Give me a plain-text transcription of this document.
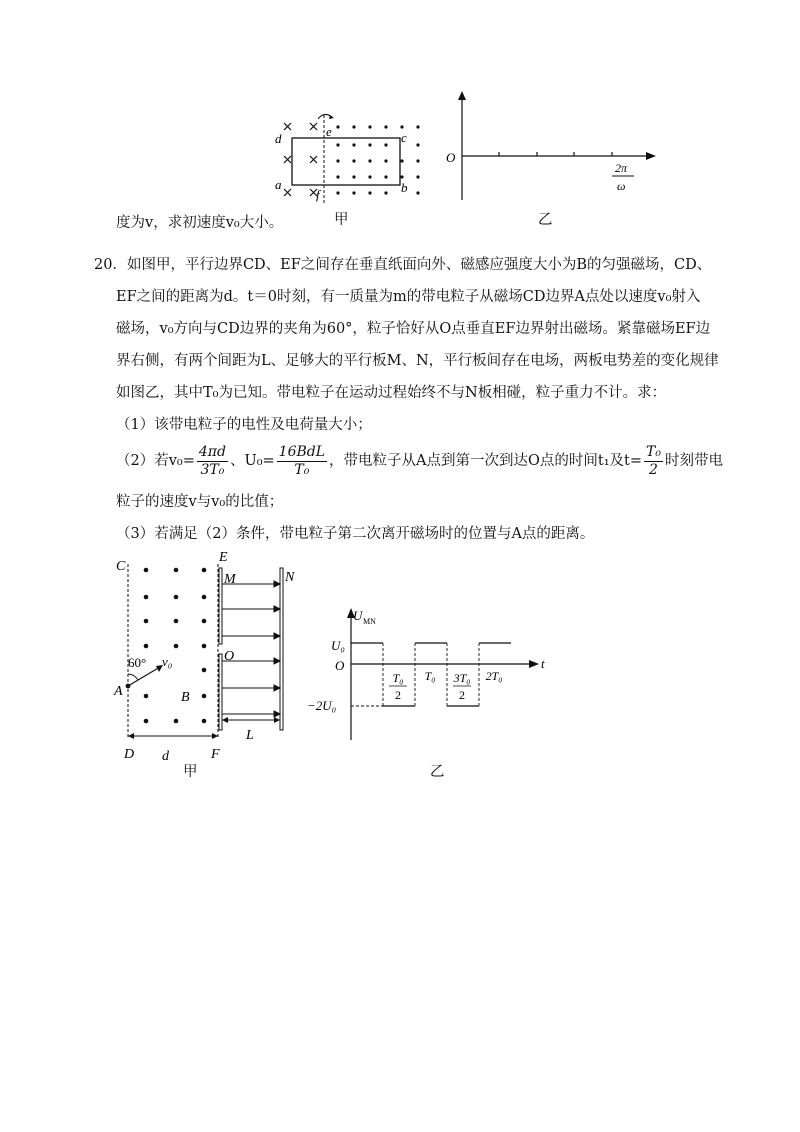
d
a
e
f
c
b
甲
O
2π
ω
乙
度为v，求初速度v₀大小。
20．如图甲，平行边界CD、EF之间存在垂直纸面向外、磁感应强度大小为B的匀强磁场，CD、
EF之间的距离为d。t＝0时刻，有一质量为m的带电粒子从磁场CD边界A点处以速度v₀射入
磁场，v₀方向与CD边界的夹角为60°，粒子恰好从O点垂直EF边界射出磁场。紧靠磁场EF边
界右侧，有两个间距为L、足够大的平行板M、N，平行板间存在电场，两板电势差的变化规律
如图乙，其中T₀为已知。带电粒子在运动过程始终不与N板相碰，粒子重力不计。求：
（1）该带电粒子的电性及电荷量大小；
（2）若$v_0= \frac{4\pi d}{\text{3T₀}}$ 、$U_0= \frac{\text{16BdL}}{\text{T₀}}$ ，带电粒子从A点到第一次到达O点的时间t₁及$t= \frac{\text{T₀}}{2}$ 时刻带电
粒子的速度v与v₀的比值；
（3）若满足（2）条件，带电粒子第二次离开磁场时的位置与A点的距离。
C
E
M	N
O
60° v₀
A	B
D d	F
L
甲
U MN
t
O
U₀
−2U₀
T₀
2
T₀ 3T₀
2
2T₀
乙
